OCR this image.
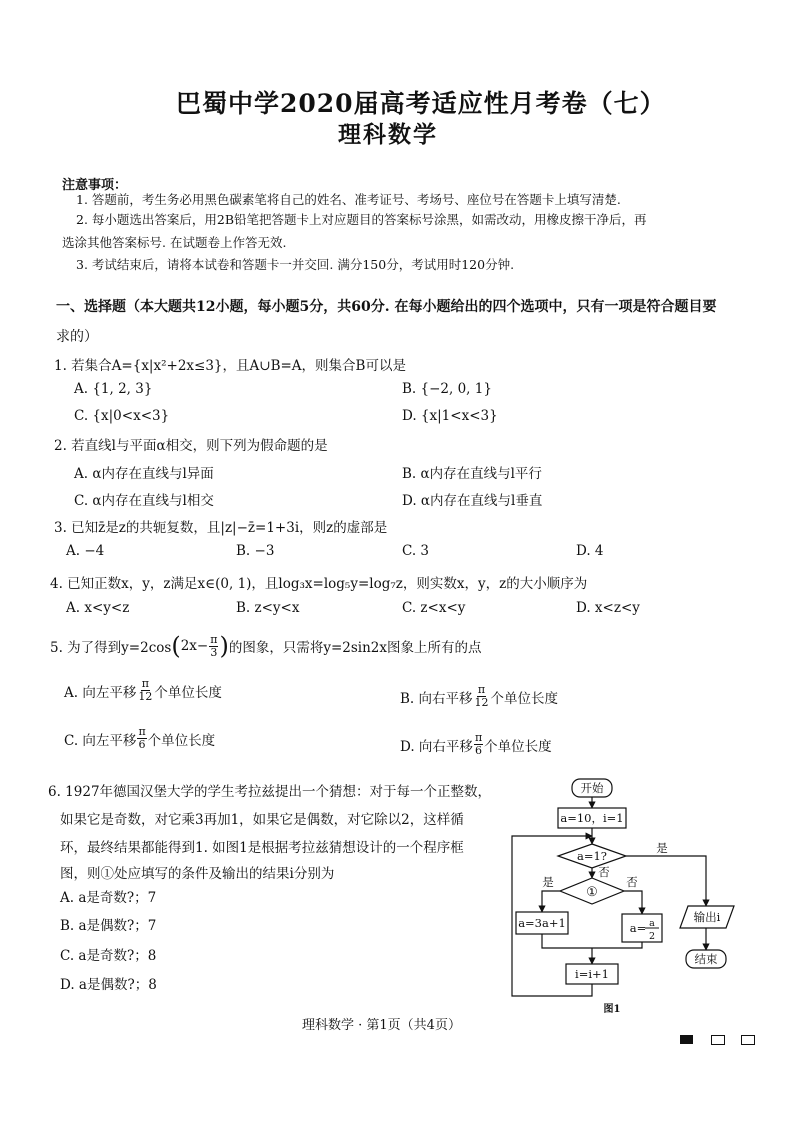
巴蜀中学2020届高考适应性月考卷（七）
理科数学
注意事项：
1. 答题前，考生务必用黑色碳素笔将自己的姓名、准考证号、考场号、座位号在答题卡上填写清楚.
2. 每小题选出答案后，用2B铅笔把答题卡上对应题目的答案标号涂黑，如需改动，用橡皮擦干净后，再
选涂其他答案标号. 在试题卷上作答无效.
3. 考试结束后，请将本试卷和答题卡一并交回. 满分150分，考试用时120分钟.
一、选择题（本大题共12小题，每小题5分，共60分. 在每小题给出的四个选项中，只有一项是符合题目要
求的）
1. 若集合A={x|x²+2x≤3}，且A∪B=A，则集合B可以是
A. {1, 2, 3}	B. {−2, 0, 1}
C. {x|0<x<3}	D. {x|1<x<3}
2. 若直线l与平面α相交，则下列为假命题的是
A. α内存在直线与l异面	B. α内存在直线与l平行
C. α内存在直线与l相交	D. α内存在直线与l垂直
3. 已知z̄是z的共轭复数，且|z|−z̄=1+3i，则z的虚部是
A. −4	B. −3	C. 3	D. 4
4. 已知正数x，y，z满足x∈(0, 1)，且log₃x=log₅y=log₇z，则实数x，y，z的大小顺序为
A. x<y<z	B. z<y<x	C. z<x<y	D. x<z<y
5. 为了得到y=2cos ( $2x- \frac{\pi}{3}$ ) 的图象，只需将y=2sin2x图象上所有的点
A. 向左平移 $\frac{\pi}{12}$ 个单位长度	B. 向右平移 $\frac{\pi}{12}$ 个单位长度
C. 向左平移 $\frac{\pi}{6}$ 个单位长度	D. 向右平移 $\frac{\pi}{6}$ 个单位长度
6. 1927年德国汉堡大学的学生考拉兹提出一个猜想：对于每一个正整数，
如果它是奇数，对它乘3再加1，如果它是偶数，对它除以2，这样循
环，最终结果都能得到1. 如图1是根据考拉兹猜想设计的一个程序框
图，则①处应填写的条件及输出的结果i分别为
A. a是奇数?；7
B. a是偶数?；7
C. a是奇数?；8
D. a是偶数?；8
开始
a=10，i=1
a=1?
是
否
①
是	否
a=3a+1	a= a
2
输出i
结束
i=i+1
图1
理科数学 · 第1页（共4页）
